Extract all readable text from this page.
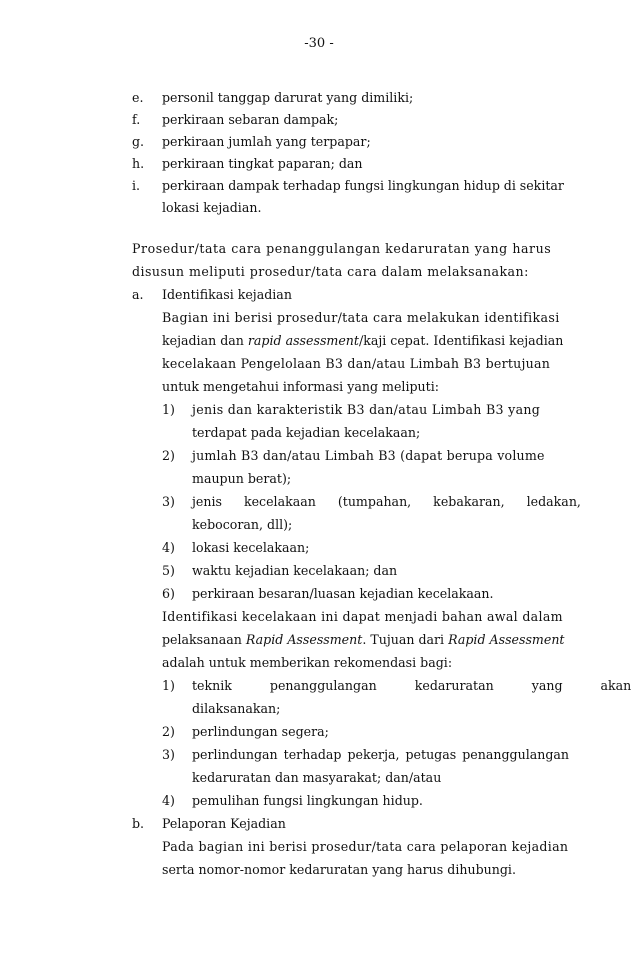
-30 -
e. personil tanggap darurat yang dimiliki;
f. perkiraan sebaran dampak;
g. perkiraan jumlah yang terpapar;
h. perkiraan tingkat paparan; dan
i. perkiraan dampak terhadap fungsi lingkungan hidup di sekitar
lokasi kejadian.
Prosedur/tata cara penanggulangan kedaruratan yang harus
disusun meliputi prosedur/tata cara dalam melaksanakan:
a. Identifikasi kejadian
Bagian ini berisi prosedur/tata cara melakukan identifikasi
kejadian dan rapid assessment/kaji cepat. Identifikasi kejadian
kecelakaan Pengelolaan B3 dan/atau Limbah B3 bertujuan
untuk mengetahui informasi yang meliputi:
1) jenis dan karakteristik B3 dan/atau Limbah B3 yang
terdapat pada kejadian kecelakaan;
2) jumlah B3 dan/atau Limbah B3 (dapat berupa volume
maupun berat);
3) jenis kecelakaan (tumpahan, kebakaran, ledakan,
kebocoran, dll);
4) lokasi kecelakaan;
5) waktu kejadian kecelakaan; dan
6) perkiraan besaran/luasan kejadian kecelakaan.
Identifikasi kecelakaan ini dapat menjadi bahan awal dalam
pelaksanaan Rapid Assessment. Tujuan dari Rapid Assessment
adalah untuk memberikan rekomendasi bagi:
1) teknik penanggulangan kedaruratan yang akan
dilaksanakan;
2) perlindungan segera;
3) perlindungan terhadap pekerja, petugas penanggulangan
kedaruratan dan masyarakat; dan/atau
4) pemulihan fungsi lingkungan hidup.
b. Pelaporan Kejadian
Pada bagian ini berisi prosedur/tata cara pelaporan kejadian
serta nomor-nomor kedaruratan yang harus dihubungi.
